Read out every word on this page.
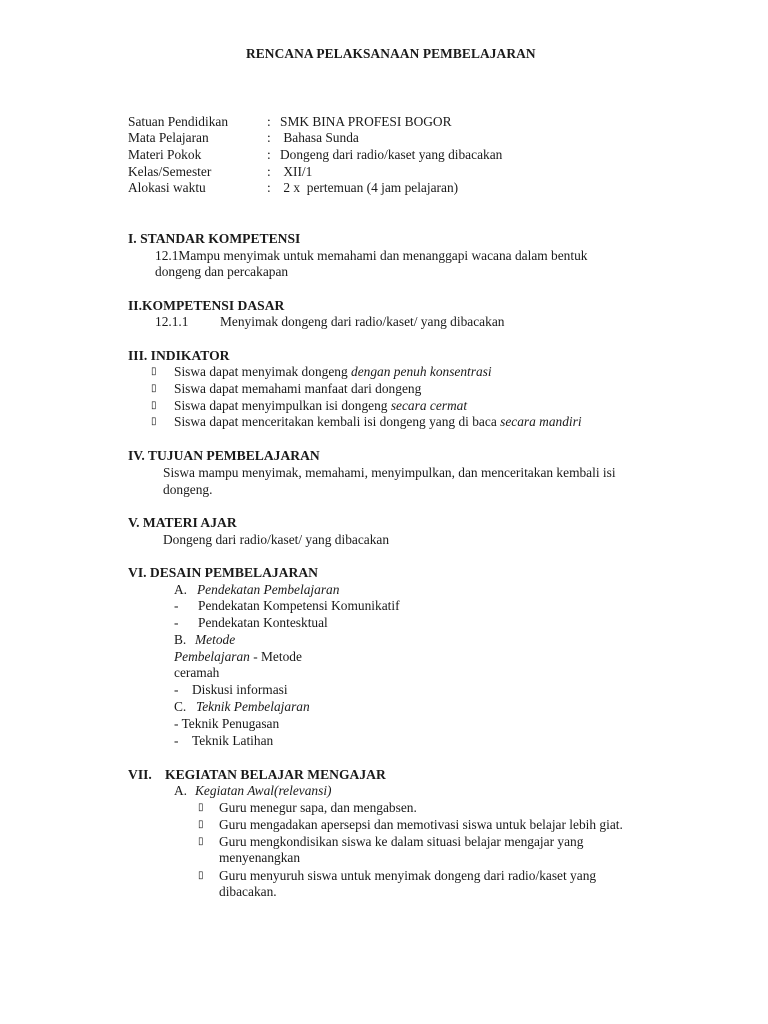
RENCANA PELAKSANAAN PEMBELAJARAN
Satuan Pendidikan	: SMK BINA PROFESI BOGOR
Mata Pelajaran	: Bahasa Sunda
Materi Pokok	: Dongeng dari radio/kaset yang dibacakan
Kelas/Semester	: XII/1
Alokasi waktu	: 2 x  pertemuan (4 jam pelajaran)
I. STANDAR KOMPETENSI
12.1Mampu menyimak untuk memahami dan menanggapi wacana dalam bentuk
dongeng dan percakapan
II.KOMPETENSI DASAR
12.1.1 Menyimak dongeng dari radio/kaset/ yang dibacakan
III. INDIKATOR
▯ Siswa dapat menyimak dongeng dengan penuh konsentrasi
▯ Siswa dapat memahami manfaat dari dongeng
▯ Siswa dapat menyimpulkan isi dongeng secara cermat
▯ Siswa dapat menceritakan kembali isi dongeng yang di baca secara mandiri
IV. TUJUAN PEMBELAJARAN
Siswa mampu menyimak, memahami, menyimpulkan, dan menceritakan kembali isi
dongeng.
V. MATERI AJAR
Dongeng dari radio/kaset/ yang dibacakan
VI. DESAIN PEMBELAJARAN
A. Pendekatan Pembelajaran
- Pendekatan Kompetensi Komunikatif
- Pendekatan Kontesktual
B. Metode
Pembelajaran - Metode
ceramah
- Diskusi informasi
C. Teknik Pembelajaran
- Teknik Penugasan
- Teknik Latihan
VII. KEGIATAN BELAJAR MENGAJAR
A. Kegiatan Awal(relevansi)
▯ Guru menegur sapa, dan mengabsen.
▯ Guru mengadakan apersepsi dan memotivasi siswa untuk belajar lebih giat.
▯ Guru mengkondisikan siswa ke dalam situasi belajar mengajar yang
menyenangkan
▯ Guru menyuruh siswa untuk menyimak dongeng dari radio/kaset yang
dibacakan.
